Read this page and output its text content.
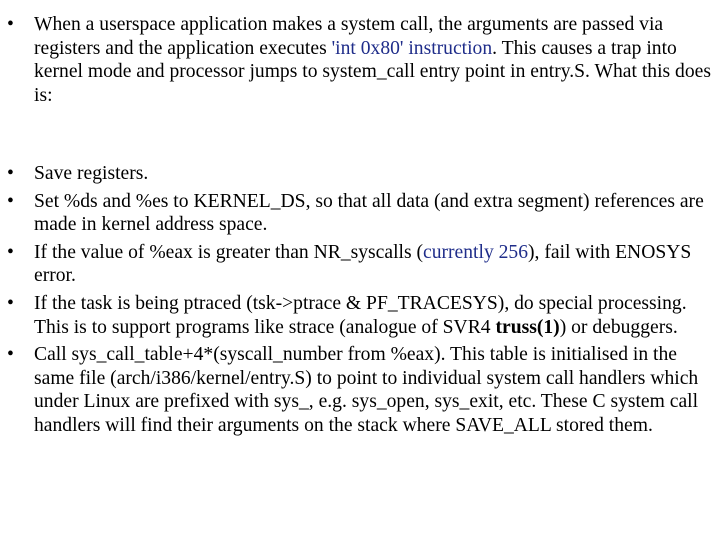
• When a userspace application makes a system call, the arguments are passed via registers and the application executes 'int 0x80' instruction. This causes a trap into kernel mode and processor jumps to system_call entry point in entry.S. What this does is:
• Save registers.
• Set %ds and %es to KERNEL_DS, so that all data (and extra segment) references are made in kernel address space.
• If the value of %eax is greater than NR_syscalls (currently 256), fail with ENOSYS error.
• If the task is being ptraced (tsk->ptrace & PF_TRACESYS), do special processing. This is to support programs like strace (analogue of SVR4 truss(1)) or debuggers.
• Call sys_call_table+4*(syscall_number from %eax). This table is initialised in the same file (arch/i386/kernel/entry.S) to point to individual system call handlers which under Linux are prefixed with sys_, e.g. sys_open, sys_exit, etc. These C system call handlers will find their arguments on the stack where SAVE_ALL stored them.
